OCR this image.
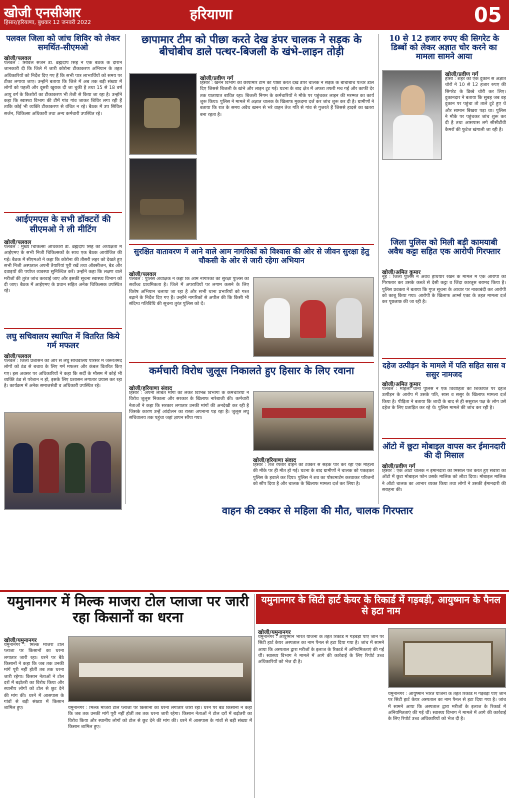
खोजी एनसीआर
हिसार/हरियाणा, बुधवार 12 जनवरी 2022	हरियाणा	05
पलवल जिला को जांच शिविर को लेकर समर्थित-सीएमओ
खोजी/पलवल
पलवल : सिविल सर्जन डॉ. ब्रह्मदीप सिंह ने एक बैठक के दौरान जानकारी दी कि जिले में जारी कोरोना टीकाकरण अभियान के तहत अधिकारियों को निर्देश दिए गए हैं कि सभी पात्र लाभार्थियों को समय पर टीका लगाया जाए। उन्होंने बताया कि जिले में अब तक बड़ी संख्या में लोगों को पहली और दूसरी खुराक दी जा चुकी है तथा 15 से 18 वर्ष आयु वर्ग के किशोरों का टीकाकरण भी तेजी से किया जा रहा है। उन्होंने कहा कि स्वास्थ्य विभाग की टीमें गांव गांव जाकर शिविर लगा रही हैं ताकि कोई भी व्यक्ति टीकाकरण से वंचित न रहे। बैठक में उप सिविल सर्जन, चिकित्सा अधिकारी तथा अन्य कर्मचारी उपस्थित रहे।
आईएमएस के सभी डॉक्टरों की सीएमओ ने ली मीटिंग
खोजी/पलवल
पलवल : मुख्य चिकित्सा अधिकारी डॉ. ब्रह्मदीप सिंह की अध्यक्षता में आईएमए के सभी निजी चिकित्सकों के साथ एक बैठक आयोजित की गई। बैठक में सीएमओ ने कहा कि कोरोना की तीसरी लहर को देखते हुए सभी निजी अस्पताल अपनी तैयारियां पूरी रखें तथा ऑक्सीजन, बेड और दवाइयों की पर्याप्त व्यवस्था सुनिश्चित करें। उन्होंने कहा कि लक्षण वाले मरीजों की तुरंत जांच करवाई जाए और इसकी सूचना स्वास्थ्य विभाग को दी जाए। बैठक में आईएमए के प्रधान सहित अनेक चिकित्सक उपस्थित रहे।
लघु सचिवालय स्थापित में वितरित किये गर्म मफलर
खोजी/पलवल
पलवल : जिला प्रशासन की ओर से लघु सचिवालय परिसर में जरूरतमंद लोगों को ठंड से बचाव के लिए गर्म मफलर और कंबल वितरित किए गए। इस अवसर पर अधिकारियों ने कहा कि सर्दी के मौसम में कोई भी व्यक्ति ठंड से परेशान न हो, इसके लिए प्रशासन लगातार प्रयास कर रहा है। कार्यक्रम में अनेक समाजसेवी व अधिकारी उपस्थित रहे।
छापामार टीम को पीछा करते देख डंपर चालक ने सड़क के बीचोबीच डाले पत्थर-बिजली के खंभे-लाइन तोड़ी
खोजी/प्रवीण गर्ग
हिसार : खनन विभाग की छापामार टीम को पीछा करते देख डंपर चालक ने सड़क के बीचोबीच पत्थर डाल दिए जिससे बिजली के खंभे और लाइन टूट गई। घटना के बाद क्षेत्र में अफरा तफरी मच गई और काफी देर तक यातायात बाधित रहा। बिजली निगम के कर्मचारियों ने मौके पर पहुंचकर लाइन की मरम्मत का कार्य शुरू किया। पुलिस ने मामले में अज्ञात चालक के खिलाफ मुकदमा दर्ज कर जांच शुरू कर दी है। ग्रामीणों ने बताया कि रात के समय अवैध खनन से भरे वाहन तेज गति से गांव से गुजरते हैं जिससे हादसे का खतरा बना रहता है।
जिला पुलिस को मिली बड़ी कामयाबी अवैध कट्टा सहित एक आरोपी गिरफ्तार
खोजी/अमित कुमार
नूंह : जिला पुलिस ने अवैध हथियार रखने के मामले में एक आरोपी को गिरफ्तार कर उसके कब्जे से देसी कट्टा व जिंदा कारतूस बरामद किया है। पुलिस प्रवक्ता ने बताया कि गुप्त सूचना के आधार पर नाकाबंदी कर आरोपी को काबू किया गया। आरोपी के खिलाफ आर्म्स एक्ट के तहत मामला दर्ज कर पूछताछ की जा रही है।
सुरक्षित वातावरण में आने वाले आम नागरिकों को विश्वास की ओर से जीवन सुरक्षा हेतु चौकसी के ओर से जारी रहेगा अभियान
खोजी/पलवल
पलवल : पुलिस अधीक्षक ने कहा कि आम नागरिकों की सुरक्षा पुलिस की सर्वोच्च प्राथमिकता है। जिले में अपराधियों पर लगाम कसने के लिए विशेष अभियान चलाया जा रहा है और सभी थाना प्रभारियों को गश्त बढ़ाने के निर्देश दिए गए हैं। उन्होंने नागरिकों से अपील की कि किसी भी संदिग्ध गतिविधि की सूचना तुरंत पुलिस को दें।
कर्मचारी विरोध जुलूस निकालते हुए हिसार के लिए रवाना
खोजी/हरियाणा संवाद
हिसार : अपनी लंबित मांगों को लेकर विभिन्न विभागों के कर्मचारियों ने विरोध जुलूस निकाला और सरकार के खिलाफ नारेबाजी की। कर्मचारी नेताओं ने कहा कि सरकार लगातार उनकी मांगों की अनदेखी कर रही है जिसके कारण उन्हें आंदोलन का रास्ता अपनाना पड़ रहा है। जुलूस लघु सचिवालय तक पहुंचा जहां ज्ञापन सौंपा गया।
वाहन की टक्कर से महिला की मौत, चालक गिरफ्तार
खोजी/हरियाणा संवाद
हिसार : तेज रफ्तार वाहन की टक्कर से सड़क पार कर रही एक महिला की मौके पर ही मौत हो गई। घटना के बाद ग्रामीणों ने चालक को पकड़कर पुलिस के हवाले कर दिया। पुलिस ने शव का पोस्टमार्टम करवाकर परिजनों को सौंप दिया है और चालक के खिलाफ मामला दर्ज कर लिया है।
10 से 12 हजार रुपए की सिगरेट के डिब्बों को लेकर अज्ञात चोर करने का मामला सामने आया
खोजी/प्रवीण गर्ग
हांसी : शहर की एक दुकान से अज्ञात चोरों ने 10 से 12 हजार रुपए की सिगरेट के डिब्बे चोरी कर लिए। दुकानदार ने बताया कि सुबह जब वह दुकान पर पहुंचा तो ताले टूटे हुए थे और सामान बिखरा पड़ा था। पुलिस ने मौके पर पहुंचकर जांच शुरू कर दी है तथा आसपास लगे सीसीटीवी कैमरों की फुटेज खंगाली जा रही है।
दहेज उत्पीड़न के मामले में पति सहित सास व ससुर नामजद
खोजी/अमित कुमार
पलवल : महिला थाना पुलिस ने एक विवाहिता की शिकायत पर दहेज उत्पीड़न के आरोप में उसके पति, सास व ससुर के खिलाफ मामला दर्ज किया है। पीड़िता ने बताया कि शादी के बाद से ही ससुराल पक्ष के लोग उसे दहेज के लिए प्रताड़ित कर रहे थे। पुलिस मामले की जांच कर रही है।
ऑटो में छूटा मोबाइल वापस कर ईमानदारी की दी मिसाल
खोजी/प्रवीण गर्ग
हिसार : एक ऑटो चालक ने ईमानदारी की मिसाल पेश करते हुए सवारी का ऑटो में छूटा मोबाइल फोन उसके मालिक को लौटा दिया। मोबाइल मालिक ने ऑटो चालक का आभार व्यक्त किया तथा लोगों ने उसकी ईमानदारी की सराहना की।
यमुनानगर में मिल्क माजरा टोल प्लाजा पर जारी रहा किसानों का धरना
यमुनानगर के सिटी हार्ट केयर के रिकार्ड में गड़बड़ी, आयुष्मान के पैनल से हटा नाम
खोजी/यमुनानगर
यमुनानगर : मिल्क माजरा टोल प्लाजा पर किसानों का धरना लगातार जारी रहा। धरने पर बैठे किसानों ने कहा कि जब तक उनकी मांगें पूरी नहीं होतीं तब तक धरना जारी रहेगा। किसान नेताओं ने टोल दरों में बढ़ोतरी का विरोध किया और स्थानीय लोगों को टोल से छूट देने की मांग की। धरने में आसपास के गांवों से बड़ी संख्या में किसान शामिल हुए।	यमुनानगर : मिल्क माजरा टोल प्लाजा पर किसानों का धरना लगातार जारी रहा। धरने पर बैठे किसानों ने कहा कि जब तक उनकी मांगें पूरी नहीं होतीं तब तक धरना जारी रहेगा। किसान नेताओं ने टोल दरों में बढ़ोतरी का विरोध किया और स्थानीय लोगों को टोल से छूट देने की मांग की। धरने में आसपास के गांवों से बड़ी संख्या में किसान शामिल हुए।
खोजी/यमुनानगर
यमुनानगर : आयुष्मान भारत योजना के तहत रिकार्ड में गड़बड़ी पाए जाने पर सिटी हार्ट केयर अस्पताल का नाम पैनल से हटा दिया गया है। जांच में सामने आया कि अस्पताल द्वारा मरीजों के इलाज के रिकार्ड में अनियमितताएं की गई थीं। स्वास्थ्य विभाग ने मामले में आगे की कार्रवाई के लिए रिपोर्ट उच्च अधिकारियों को भेज दी है।
यमुनानगर : आयुष्मान भारत योजना के तहत रिकार्ड में गड़बड़ी पाए जाने पर सिटी हार्ट केयर अस्पताल का नाम पैनल से हटा दिया गया है। जांच में सामने आया कि अस्पताल द्वारा मरीजों के इलाज के रिकार्ड में अनियमितताएं की गई थीं। स्वास्थ्य विभाग ने मामले में आगे की कार्रवाई के लिए रिपोर्ट उच्च अधिकारियों को भेज दी है।
